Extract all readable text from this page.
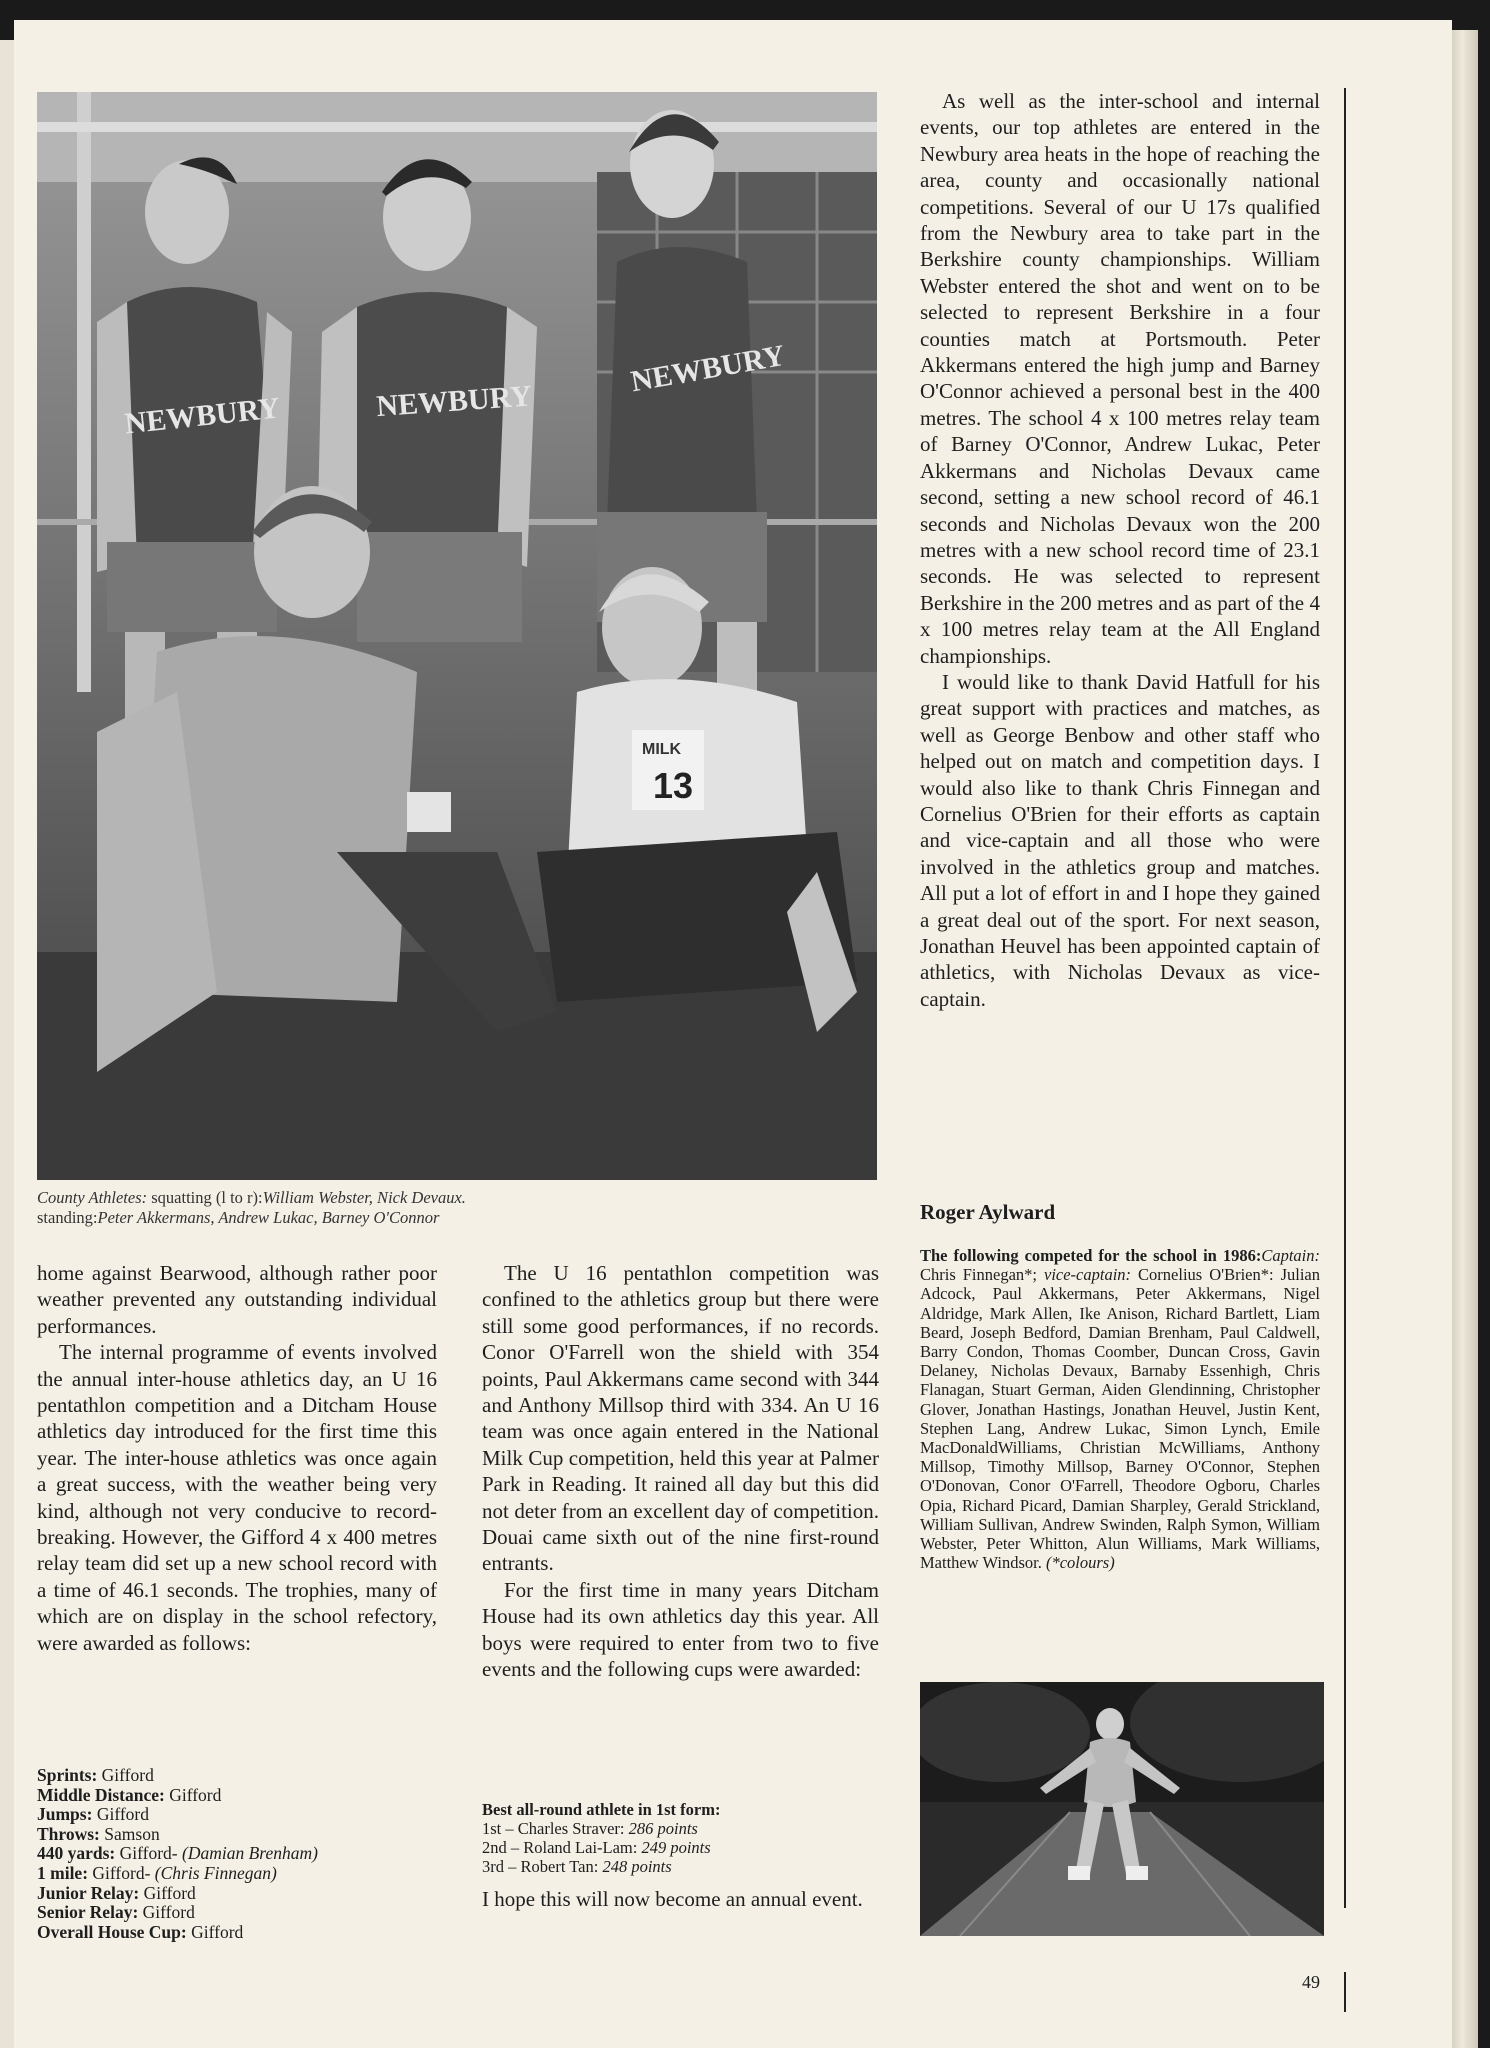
NEWBURY	NEWBURY
NEWBURY
MILK
13
County Athletes: squatting (l to r):William Webster, Nick Devaux.
standing:Peter Akkermans, Andrew Lukac, Barney O'Connor

home against Bearwood, although rather poor weather prevented any outstanding individual performances.

The internal programme of events involved the annual inter-house athletics day, an U 16 pentathlon competition and a Ditcham House athletics day introduced for the first time this year. The inter-house athletics was once again a great success, with the weather being very kind, although not very conducive to record-breaking. However, the Gifford 4 x 400 metres relay team did set up a new school record with a time of 46.1 seconds. The trophies, many of which are on display in the school refectory, were awarded as follows:

Sprints: Gifford
Middle Distance: Gifford
Jumps: Gifford
Throws: Samson
440 yards: Gifford- (Damian Brenham)
1 mile: Gifford- (Chris Finnegan)
Junior Relay: Gifford
Senior Relay: Gifford
Overall House Cup: Gifford

The U 16 pentathlon competition was confined to the athletics group but there were still some good performances, if no records. Conor O'Farrell won the shield with 354 points, Paul Akkermans came second with 344 and Anthony Millsop third with 334. An U 16 team was once again entered in the National Milk Cup competition, held this year at Palmer Park in Reading. It rained all day but this did not deter from an excellent day of competition. Douai came sixth out of the nine first-round entrants.

For the first time in many years Ditcham House had its own athletics day this year. All boys were required to enter from two to five events and the following cups were awarded:

Best all-round athlete in 1st form:
1st – Charles Straver: 286 points
2nd – Roland Lai-Lam: 249 points
3rd – Robert Tan: 248 points
I hope this will now become an annual event.

As well as the inter-school and internal events, our top athletes are entered in the Newbury area heats in the hope of reaching the area, county and occasionally national competitions. Several of our U 17s qualified from the Newbury area to take part in the Berkshire county championships. William Webster entered the shot and went on to be selected to represent Berkshire in a four counties match at Portsmouth. Peter Akkermans entered the high jump and Barney O'Connor achieved a personal best in the 400 metres. The school 4 x 100 metres relay team of Barney O'Connor, Andrew Lukac, Peter Akkermans and Nicholas Devaux came second, setting a new school record of 46.1 seconds and Nicholas Devaux won the 200 metres with a new school record time of 23.1 seconds. He was selected to represent Berkshire in the 200 metres and as part of the 4 x 100 metres relay team at the All England championships.

I would like to thank David Hatfull for his great support with practices and matches, as well as George Benbow and other staff who helped out on match and competition days. I would also like to thank Chris Finnegan and Cornelius O'Brien for their efforts as captain and vice-captain and all those who were involved in the athletics group and matches. All put a lot of effort in and I hope they gained a great deal out of the sport. For next season, Jonathan Heuvel has been appointed captain of athletics, with Nicholas Devaux as vice-captain.

Roger Aylward
The following competed for the school in 1986:Captain: Chris Finnegan*; vice-captain: Cornelius O'Brien*: Julian Adcock, Paul Akkermans, Peter Akkermans, Nigel Aldridge, Mark Allen, Ike Anison, Richard Bartlett, Liam Beard, Joseph Bedford, Damian Brenham, Paul Caldwell, Barry Condon, Thomas Coomber, Duncan Cross, Gavin Delaney, Nicholas Devaux, Barnaby Essenhigh, Chris Flanagan, Stuart German, Aiden Glendinning, Christopher Glover, Jonathan Hastings, Jonathan Heuvel, Justin Kent, Stephen Lang, Andrew Lukac, Simon Lynch, Emile MacDonaldWilliams, Christian McWilliams, Anthony Millsop, Timothy Millsop, Barney O'Connor, Stephen O'Donovan, Conor O'Farrell, Theodore Ogboru, Charles Opia, Richard Picard, Damian Sharpley, Gerald Strickland, William Sullivan, Andrew Swinden, Ralph Symon, William Webster, Peter Whitton, Alun Williams, Mark Williams, Matthew Windsor. (*colours)
49
